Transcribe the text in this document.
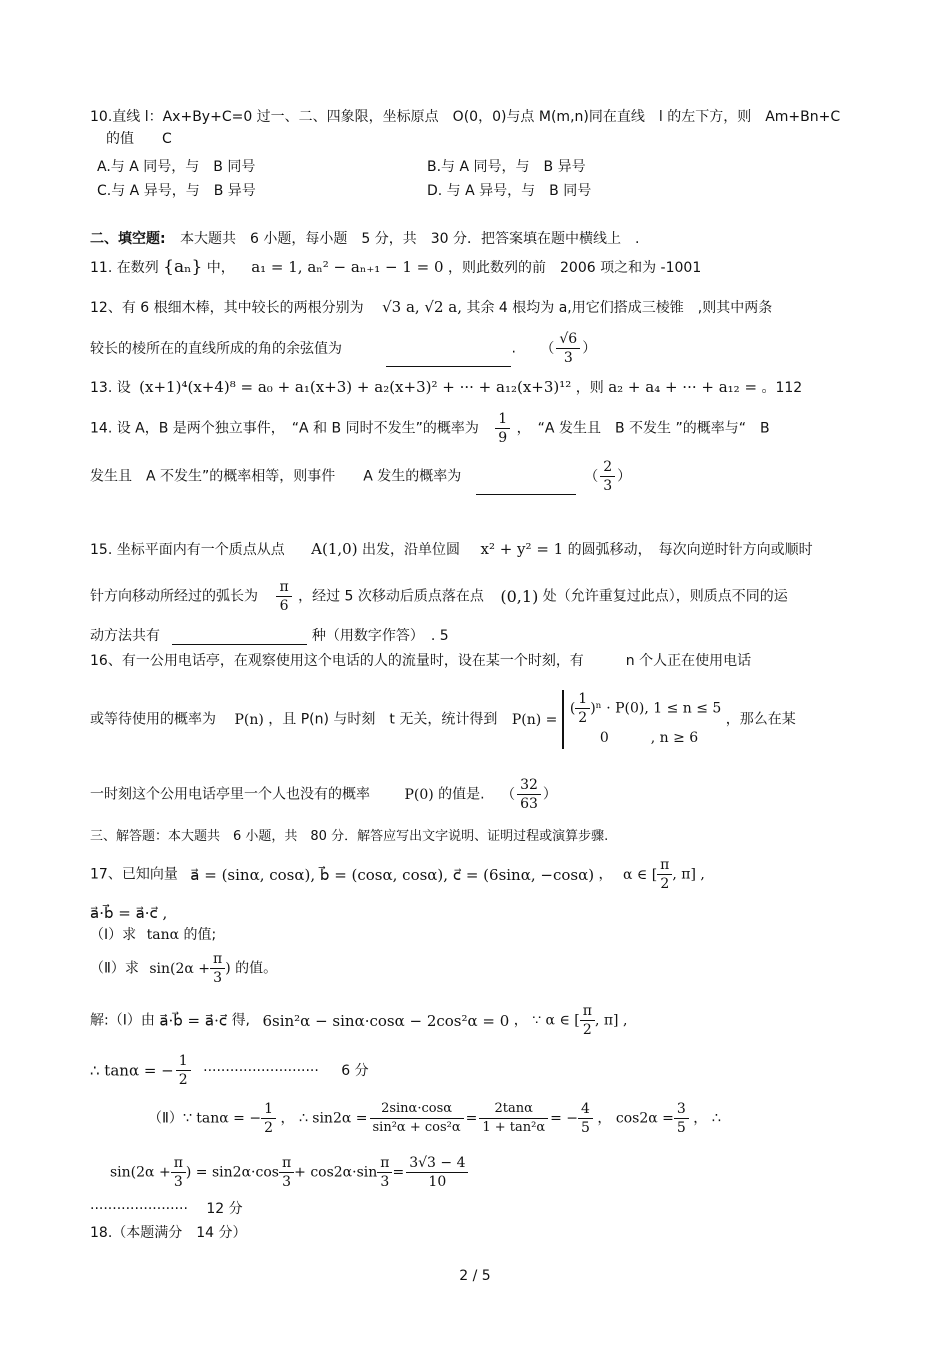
10.直线 l：Ax+By+C=0 过一、二、四象限，坐标原点　O(0，0)与点 M(m,n)同在直线　l 的左下方，则　Am+Bn+C
的值　　C
A.与 A 同号，与　B 同号	B.与 A 同号，与　B 异号
C.与 A 异号，与　B 异号	D. 与 A 异号，与　B 同号
二、填空题: 本大题共　6 小题，每小题　5 分，共　30 分．把答案填在题中横线上　.
11. 在数列 {aₙ} 中， a₁ = 1, aₙ² − aₙ₊₁ − 1 = 0 ，则此数列的前　2006 项之和为 -1001
12、有 6 根细木棒，其中较长的两根分别为 √3 a, √2 a, 其余 4 根均为 a,用它们搭成三棱锥　,则其中两条
较长的棱所在的直线所成的角的余弦值为	. （ $\frac{√6}{3}$ ）
13. 设 (x+1)⁴(x+4)⁸ = a₀ + a₁(x+3) + a₂(x+3)² + ··· + a₁₂(x+3)¹² ，则 a₂ + a₄ + ··· + a₁₂ = 。112
14. 设 A，B 是两个独立事件，　“A 和 B 同时不发生”的概率为 $\frac{1}{9}$ ，　“A 发生且　B 不发生 ”的概率与“　B
发生且　A 不发生”的概率相等，则事件　　A 发生的概率为	（ $\frac{2}{3}$ ）
15. 坐标平面内有一个质点从点 A(1,0) 出发，沿单位圆 x² + y² = 1 的圆弧移动，　每次向逆时针方向或顺时
针方向移动所经过的弧长为 $\frac{\pi}{6}$ ，经过 5 次移动后质点落在点 (0,1) 处（允许重复过此点），则质点不同的运
动方法共有	种（用数字作答）　. 5
16、有一公用电话亭，在观察使用这个电话的人的流量时，设在某一个时刻，有　　　n 个人正在使用电话
或等待使用的概率为 P(n) ，且 P(n) 与时刻　t 无关，统计得到 P(n) =
( $\frac{1}{2} )^n \cdot P(0)$, 1 ≤ n ≤ 5
0　　　, n ≥ 6
，那么在某
一时刻这个公用电话亭里一个人也没有的概率 P(0) 的值是. （ $\frac{32}{63}$ ）
三、解答题：本大题共　6 小题，共　80 分．解答应写出文字说明、证明过程或演算步骤.
17、已知向量 a⃗ = (sinα, cosα), b⃗ = (cosα, cosα), c⃗ = (6sinα, −cosα) ， α ∈ [ $\frac{\pi}{2}$ , π] ,
a⃗·b⃗ = a⃗·c⃗ ,
（Ⅰ）求 tanα 的值;
（Ⅱ）求 $\sin(2\alpha + \frac{\pi}{3}$ ) 的值。
解:（I）由 a⃗·b⃗ = a⃗·c⃗ 得, 6sin²α − sinα·cosα − 2cos²α = 0 ， ∵ α ∈ [ $\frac{\pi}{2}$ , π] ,
∴ tanα = − $\frac{1}{2}$ ·························· 6 分
（Ⅱ）∵ tanα = − $\frac{1}{2}$ ， ∴ $\sin 2\alpha = \frac{2\sin\alpha\cdot\cos\alpha}{\text{sin²α + cos²α}} = \frac{2\tan\alpha}{\text{1 + tan²α}}$ = − $\frac{4}{5}$ ， $\cos 2\alpha = \frac{3}{5}$ ， ∴
$\sin(2\alpha + \frac{\pi}{3}$ ) = $\sin 2\alpha\cdot\cos \frac{\pi}{3} + \cos 2\alpha\cdot\sin \frac{\pi}{3} = \frac{3√3 - 4}{10}$
······················ 12 分
18.（本题满分　14 分）
2 / 5
